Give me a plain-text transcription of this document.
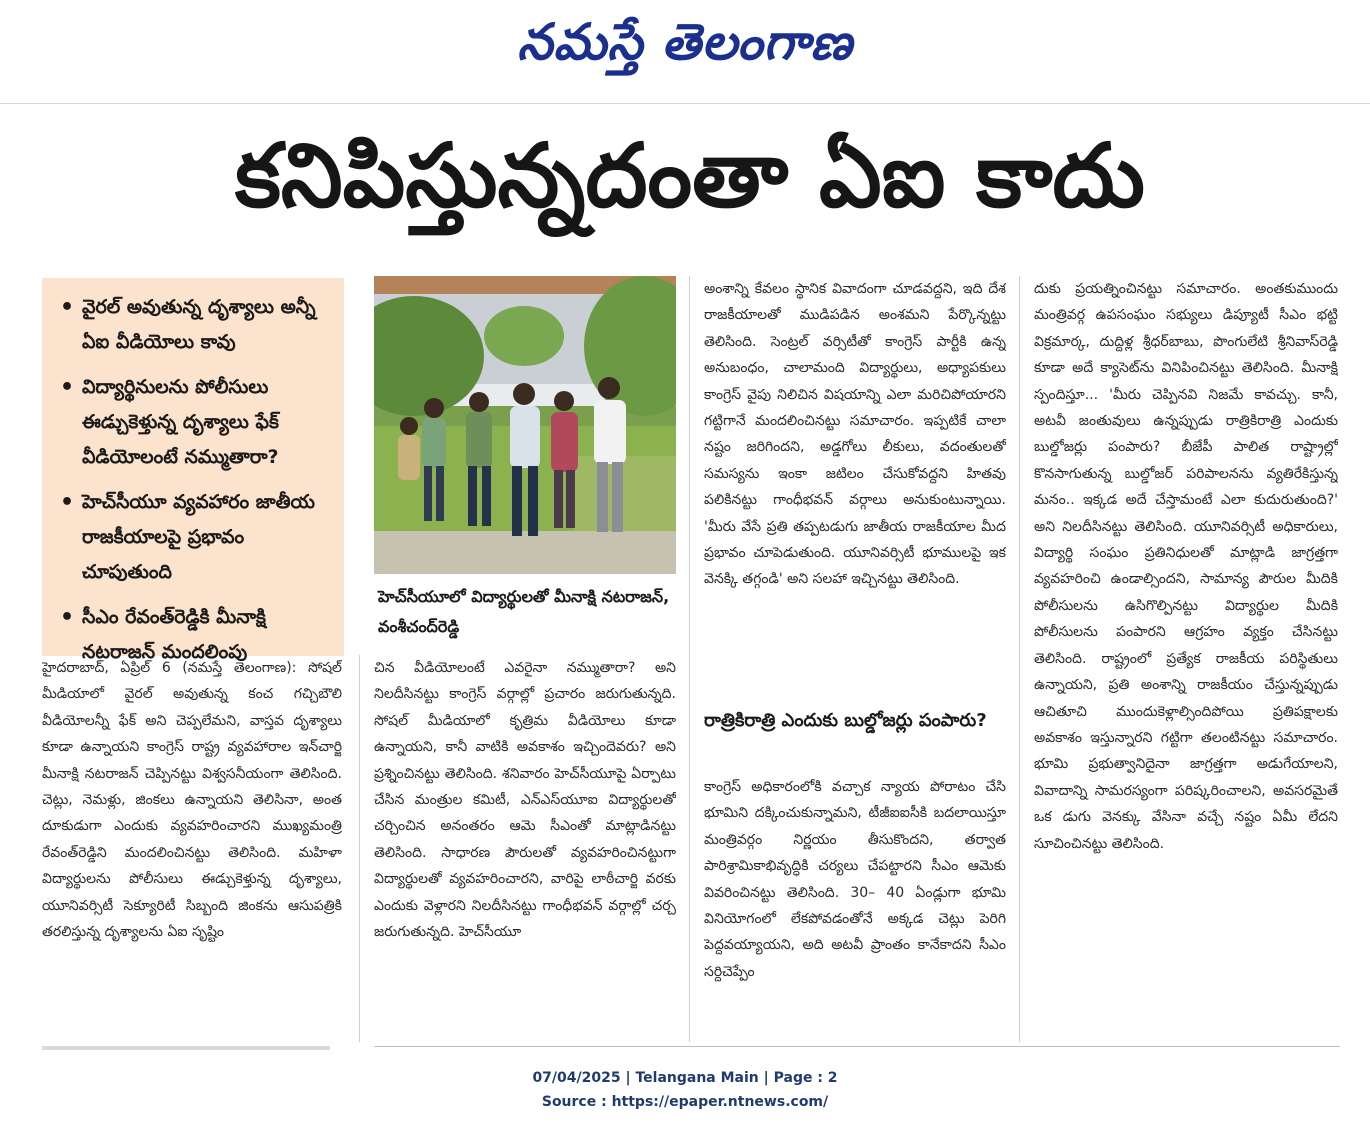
నమస్తే తెలంగాణ
కనిపిస్తున్నదంతా ఏఐ కాదు
• వైరల్ అవుతున్న దృశ్యాలు అన్నీ ఏఐ వీడియోలు కావు
• విద్యార్థినులను పోలీసులు ఈడ్చుకెళ్తున్న దృశ్యాలు ఫేక్ వీడియోలంటే నమ్ముతారా?
• హెచ్‌సీయూ వ్యవహారం జాతీయ రాజకీయాలపై ప్రభావం చూపుతుంది
• సీఎం రేవంత్‌రెడ్డికి మీనాక్షి నటరాజన్ మందలింపు
హెచ్‌సీయూలో విద్యార్థులతో మీనాక్షి నటరాజన్, వంశీచంద్‌రెడ్డి
హైదరాబాద్, ఏప్రిల్ 6 (నమస్తే తెలంగాణ): సోషల్ మీడియాలో వైరల్ అవుతున్న కంచ గచ్చిబౌలి వీడియోలన్నీ ఫేక్ అని చెప్పలేమని, వాస్తవ దృశ్యాలు కూడా ఉన్నాయని కాంగ్రెస్ రాష్ట్ర వ్యవహారాల ఇన్‌చార్జి మీనాక్షి నటరాజన్ చెప్పినట్టు విశ్వసనీయంగా తెలిసింది. చెట్లు, నెమళ్లు, జింకలు ఉన్నాయని తెలిసినా, అంత దూకుడుగా ఎందుకు వ్యవహరించారని ముఖ్యమంత్రి రేవంత్‌రెడ్డిని మందలించినట్టు తెలిసింది. మహిళా విద్యార్థులను పోలీసులు ఈడ్చుకెళ్తున్న దృశ్యాలు, యూనివర్సిటీ సెక్యూరిటీ సిబ్బంది జింకను ఆసుపత్రికి తరలిస్తున్న దృశ్యాలను ఏఐ సృష్టిం
చిన వీడియోలంటే ఎవరైనా నమ్ముతారా? అని నిలదీసినట్టు కాంగ్రెస్ వర్గాల్లో ప్రచారం జరుగుతున్నది. సోషల్ మీడియాలో కృత్రిమ వీడియోలు కూడా ఉన్నాయని, కానీ వాటికి అవకాశం ఇచ్చిందెవరు? అని ప్రశ్నించినట్టు తెలిసింది. శనివారం హెచ్‌సీయూపై ఏర్పాటు చేసిన మంత్రుల కమిటీ, ఎన్‌ఎస్‌యూఐ విద్యార్థులతో చర్చించిన అనంతరం ఆమె సీఎంతో మాట్లాడినట్టు తెలిసింది. సాధారణ పౌరులతో వ్యవహరించినట్టుగా విద్యార్థులతో వ్యవహరించారని, వారిపై లాఠీచార్జి వరకు ఎందుకు వెళ్లారని నిలదీసినట్టు గాంధీభవన్ వర్గాల్లో చర్చ జరుగుతున్నది. హెచ్‌సీయూ
అంశాన్ని కేవలం స్థానిక వివాదంగా చూడవద్దని, ఇది దేశ రాజకీయాలతో ముడిపడిన అంశమని పేర్కొన్నట్టు తెలిసింది. సెంట్రల్ వర్సిటీతో కాంగ్రెస్ పార్టీకి ఉన్న అనుబంధం, చాలామంది విద్యార్థులు, అధ్యాపకులు కాంగ్రెస్ వైపు నిలిచిన విషయాన్ని ఎలా మరిచిపోయారని గట్టిగానే మందలించినట్టు సమాచారం. ఇప్పటికే చాలా నష్టం జరిగిందని, అడ్డగోలు లీకులు, వదంతులతో సమస్యను ఇంకా జటిలం చేసుకోవద్దని హితవు పలికినట్టు గాంధీభవన్ వర్గాలు అనుకుంటున్నాయి. 'మీరు వేసే ప్రతి తప్పటడుగు జాతీయ రాజకీయాల మీద ప్రభావం చూపెడుతుంది. యూనివర్సిటీ భూములపై ఇక వెనక్కి తగ్గండి' అని సలహా ఇచ్చినట్టు తెలిసింది.
రాత్రికిరాత్రి ఎందుకు బుల్డోజర్లు పంపారు?
కాంగ్రెస్ అధికారంలోకి వచ్చాక న్యాయ పోరాటం చేసి భూమిని దక్కించుకున్నామని, టీజీఐఐసీకి బదలాయిస్తూ మంత్రివర్గం నిర్ణయం తీసుకొందని, తర్వాత పారిశ్రామికాభివృద్ధికి చర్యలు చేపట్టారని సీఎం ఆమెకు వివరించినట్టు తెలిసింది. 30– 40 ఏండ్లుగా భూమి వినియోగంలో లేకపోవడంతోనే అక్కడ చెట్లు పెరిగి పెద్దవయ్యాయని, అది అటవీ ప్రాంతం కానేకాదని సీఎం సర్దిచెప్పేం
దుకు ప్రయత్నించినట్టు సమాచారం. అంతకుముందు మంత్రివర్గ ఉపసంఘం సభ్యులు డిప్యూటీ సీఎం భట్టి విక్రమార్క, దుద్దిళ్ల శ్రీధర్‌బాబు, పొంగులేటి శ్రీనివాస్‌రెడ్డి కూడా అదే క్యాసెట్‌ను వినిపించినట్టు తెలిసింది. మీనాక్షి స్పందిస్తూ... 'మీరు చెప్పినవి నిజమే కావచ్చు. కానీ, అటవీ జంతువులు ఉన్నప్పుడు రాత్రికిరాత్రి ఎందుకు బుల్డోజర్లు పంపారు? బీజేపీ పాలిత రాష్ట్రాల్లో కొనసాగుతున్న బుల్డోజర్ పరిపాలనను వ్యతిరేకిస్తున్న మనం.. ఇక్కడ అదే చేస్తామంటే ఎలా కుదురుతుంది?' అని నిలదీసినట్టు తెలిసింది. యూనివర్సిటీ అధికారులు, విద్యార్థి సంఘం ప్రతినిధులతో మాట్లాడి జాగ్రత్తగా వ్యవహరించి ఉండాల్సిందని, సామాన్య పౌరుల మీదికి పోలీసులను ఉసిగొల్పినట్టు విద్యార్థుల మీదికి పోలీసులను పంపారని ఆగ్రహం వ్యక్తం చేసినట్టు తెలిసింది. రాష్ట్రంలో ప్రత్యేక రాజకీయ పరిస్థితులు ఉన్నాయని, ప్రతి అంశాన్ని రాజకీయం చేస్తున్నప్పుడు ఆచితూచి ముందుకెళ్లాల్సిందిపోయి ప్రతిపక్షాలకు అవకాశం ఇస్తున్నారని గట్టిగా తలంటినట్టు సమాచారం. భూమి ప్రభుత్వానిదైనా జాగ్రత్తగా అడుగేయాలని, వివాదాన్ని సామరస్యంగా పరిష్కరించాలని, అవసరమైతే ఒక డుగు వెనక్కు వేసినా వచ్చే నష్టం ఏమీ లేదని సూచించినట్టు తెలిసింది.
07/04/2025 | Telangana Main | Page : 2
Source : https://epaper.ntnews.com/
